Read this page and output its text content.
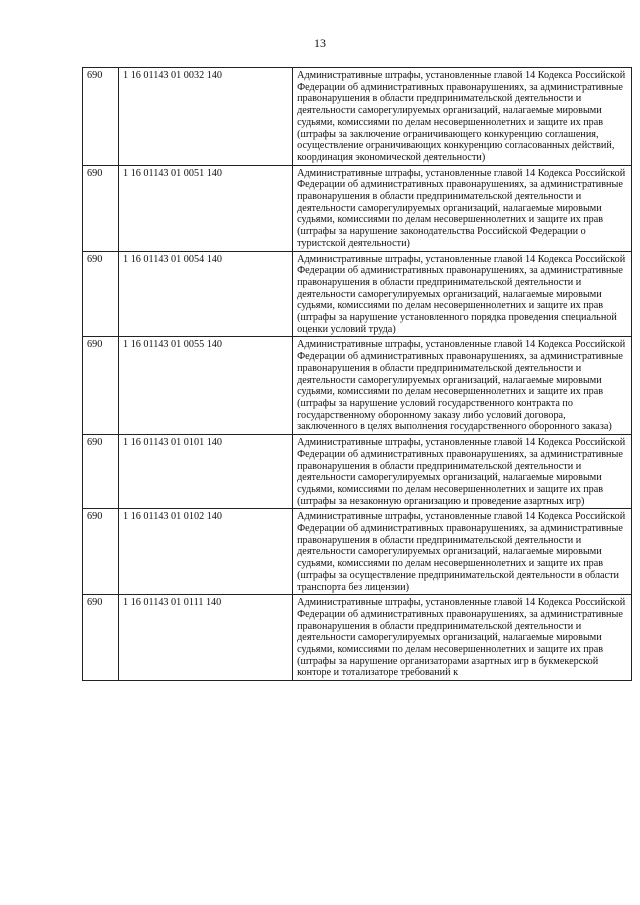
13
690	1 16 01143 01 0032 140	Административные штрафы, установленные главой 14 Кодекса Российской Федерации об административных правонарушениях, за административные правонарушения в области предпринимательской деятельности и деятельности саморегулируемых организаций, налагаемые мировыми судьями, комиссиями по делам несовершеннолетних и защите их прав (штрафы за заключение ограничивающего конкуренцию соглашения, осуществление ограничивающих конкуренцию согласованных действий, координация экономической деятельности)
690	1 16 01143 01 0051 140	Административные штрафы, установленные главой 14 Кодекса Российской Федерации об административных правонарушениях, за административные правонарушения в области предпринимательской деятельности и деятельности саморегулируемых организаций, налагаемые мировыми судьями, комиссиями по делам несовершеннолетних и защите их прав (штрафы за нарушение законодательства Российской Федерации о туристской деятельности)
690	1 16 01143 01 0054 140	Административные штрафы, установленные главой 14 Кодекса Российской Федерации об административных правонарушениях, за административные правонарушения в области предпринимательской деятельности и деятельности саморегулируемых организаций, налагаемые мировыми судьями, комиссиями по делам несовершеннолетних и защите их прав (штрафы за нарушение установленного порядка проведения специальной оценки условий труда)
690	1 16 01143 01 0055 140	Административные штрафы, установленные главой 14 Кодекса Российской Федерации об административных правонарушениях, за административные правонарушения в области предпринимательской деятельности и деятельности саморегулируемых организаций, налагаемые мировыми судьями, комиссиями по делам несовершеннолетних и защите их прав (штрафы за нарушение условий государственного контракта по государственному оборонному заказу либо условий договора, заключенного в целях выполнения государственного оборонного заказа)
690	1 16 01143 01 0101 140	Административные штрафы, установленные главой 14 Кодекса Российской Федерации об административных правонарушениях, за административные правонарушения в области предпринимательской деятельности и деятельности саморегулируемых организаций, налагаемые мировыми судьями, комиссиями по делам несовершеннолетних и защите их прав (штрафы за незаконную организацию и проведение азартных игр)
690	1 16 01143 01 0102 140	Административные штрафы, установленные главой 14 Кодекса Российской Федерации об административных правонарушениях, за административные правонарушения в области предпринимательской деятельности и деятельности саморегулируемых организаций, налагаемые мировыми судьями, комиссиями по делам несовершеннолетних и защите их прав (штрафы за осуществление предпринимательской деятельности в области транспорта без лицензии)
690	1 16 01143 01 0111 140	Административные штрафы, установленные главой 14 Кодекса Российской Федерации об административных правонарушениях, за административные правонарушения в области предпринимательской деятельности и деятельности саморегулируемых организаций, налагаемые мировыми судьями, комиссиями по делам несовершеннолетних и защите их прав (штрафы за нарушение организаторами азартных игр в букмекерской конторе и тотализаторе требований к
